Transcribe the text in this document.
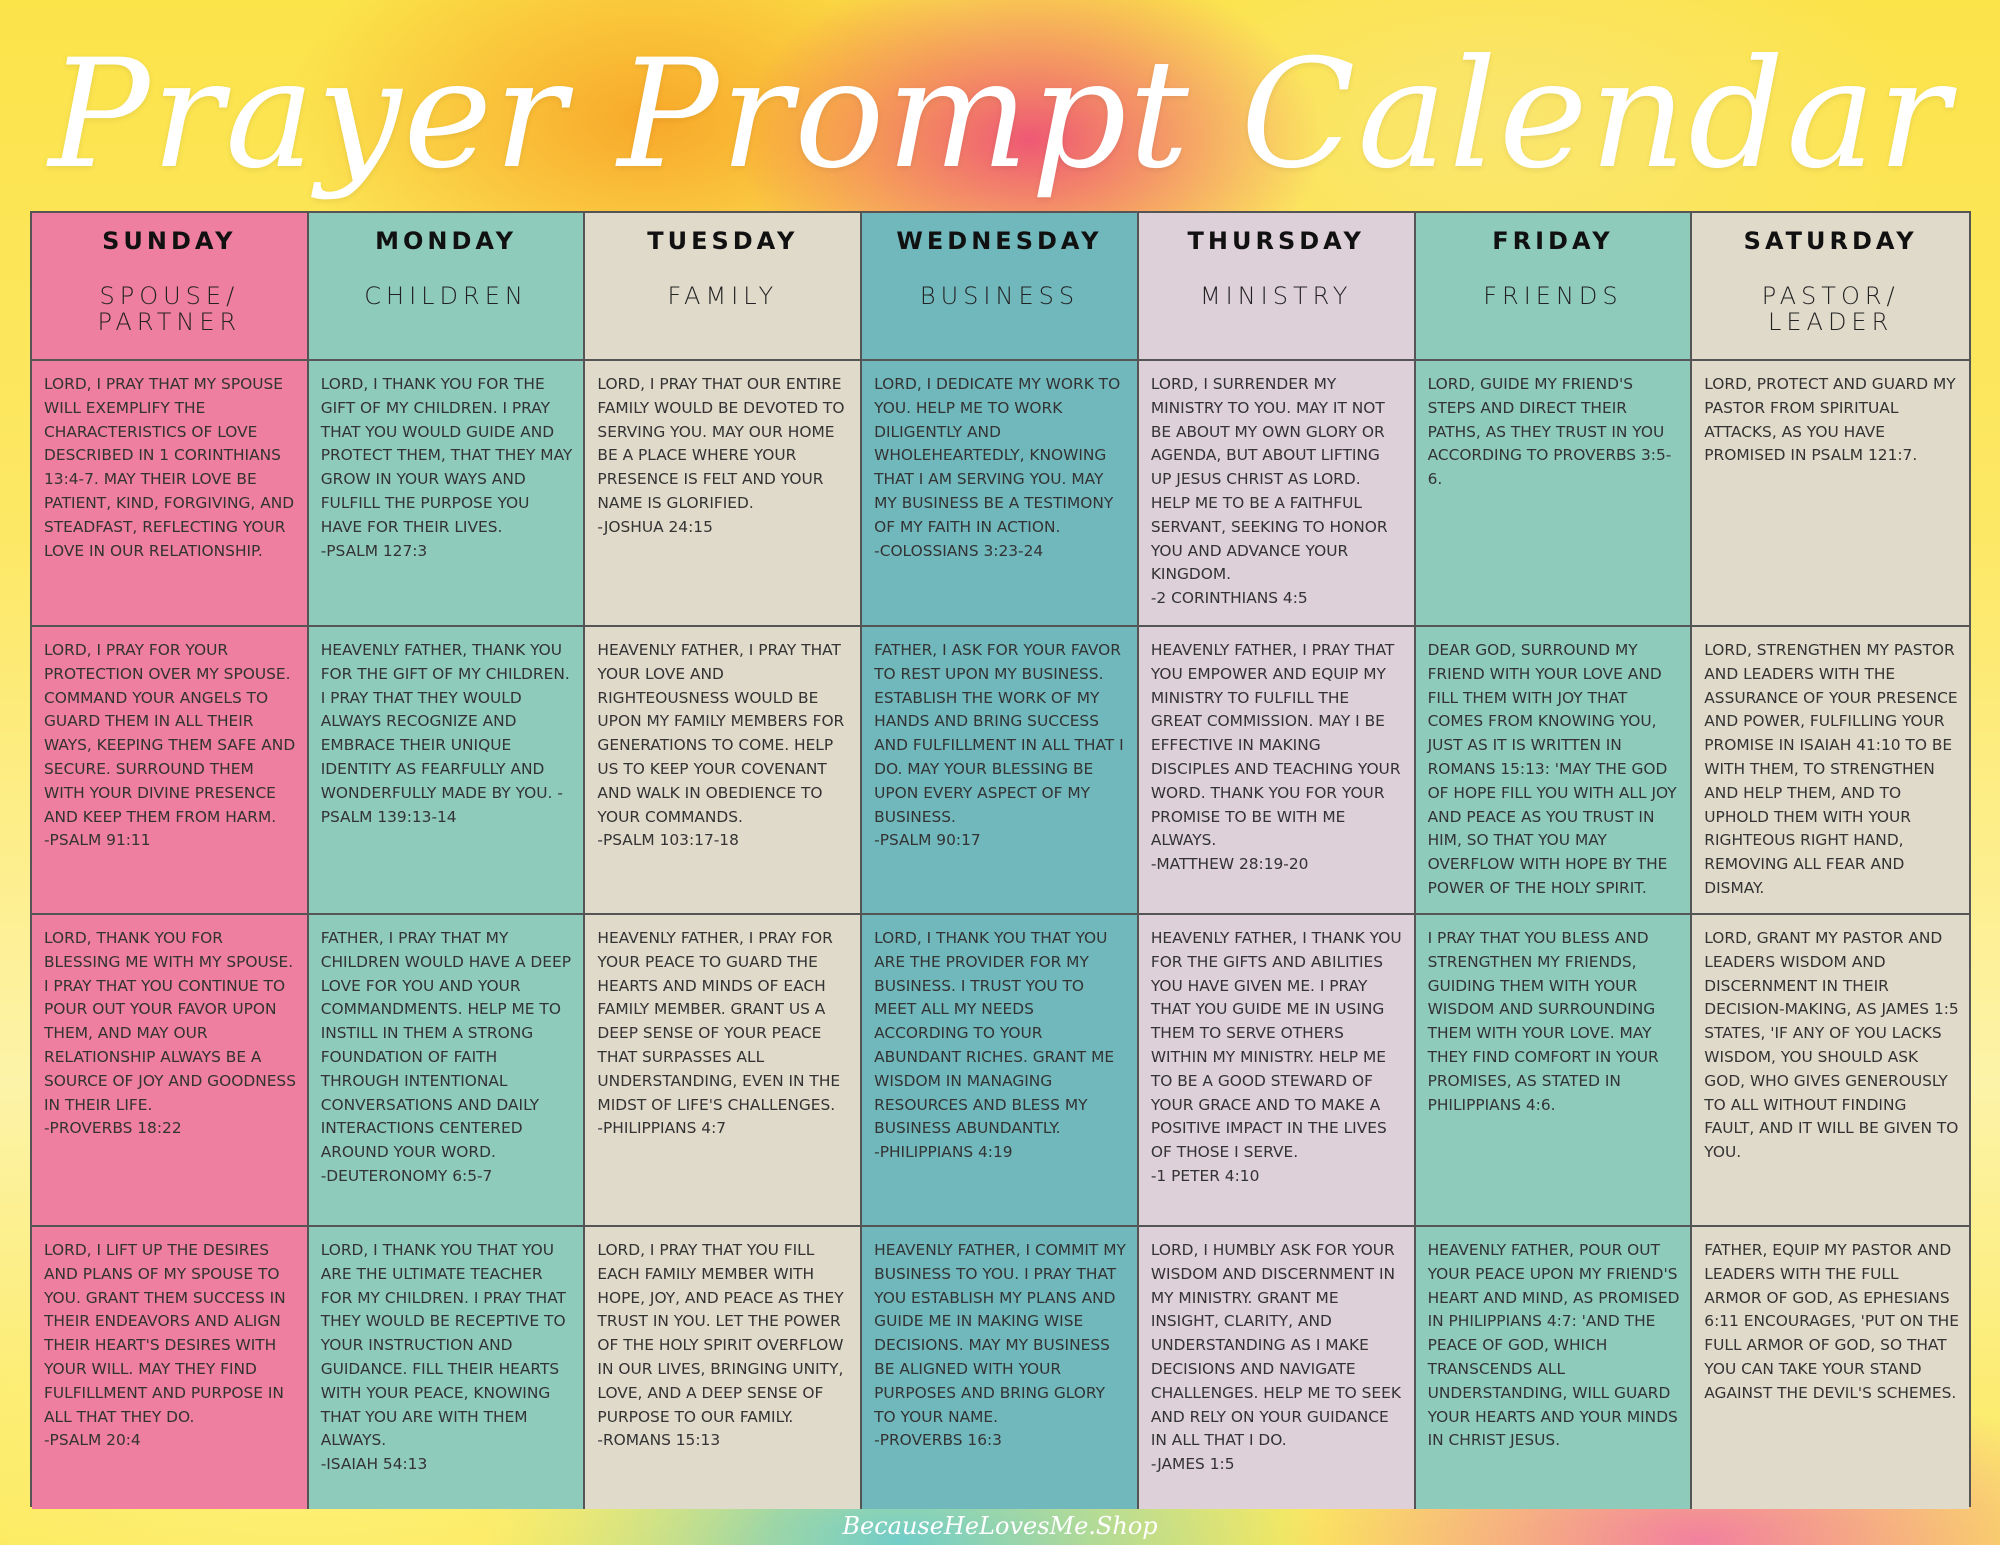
Prayer Prompt Calendar
SUNDAY
SPOUSE/
PARTNER
MONDAY
CHILDREN
TUESDAY
FAMILY
WEDNESDAY
BUSINESS
THURSDAY
MINISTRY
FRIDAY
FRIENDS
SATURDAY
PASTOR/
LEADER
LORD, I PRAY THAT MY SPOUSE WILL EXEMPLIFY THE CHARACTERISTICS OF LOVE DESCRIBED IN 1 CORINTHIANS 13:4-7. MAY THEIR LOVE BE PATIENT, KIND, FORGIVING, AND STEADFAST, REFLECTING YOUR LOVE IN OUR RELATIONSHIP.
LORD, I THANK YOU FOR THE GIFT OF MY CHILDREN. I PRAY THAT YOU WOULD GUIDE AND PROTECT THEM, THAT THEY MAY GROW IN YOUR WAYS AND FULFILL THE PURPOSE YOU HAVE FOR THEIR LIVES.
-PSALM 127:3
LORD, I PRAY THAT OUR ENTIRE FAMILY WOULD BE DEVOTED TO SERVING YOU. MAY OUR HOME BE A PLACE WHERE YOUR PRESENCE IS FELT AND YOUR NAME IS GLORIFIED.
-JOSHUA 24:15
LORD, I DEDICATE MY WORK TO YOU. HELP ME TO WORK DILIGENTLY AND WHOLEHEARTEDLY, KNOWING THAT I AM SERVING YOU. MAY MY BUSINESS BE A TESTIMONY OF MY FAITH IN ACTION.
-COLOSSIANS 3:23-24
LORD, I SURRENDER MY MINISTRY TO YOU. MAY IT NOT BE ABOUT MY OWN GLORY OR AGENDA, BUT ABOUT LIFTING UP JESUS CHRIST AS LORD. HELP ME TO BE A FAITHFUL SERVANT, SEEKING TO HONOR YOU AND ADVANCE YOUR KINGDOM.
-2 CORINTHIANS 4:5
LORD, GUIDE MY FRIEND'S STEPS AND DIRECT THEIR PATHS, AS THEY TRUST IN YOU ACCORDING TO PROVERBS 3:5-6.
LORD, PROTECT AND GUARD MY PASTOR FROM SPIRITUAL ATTACKS, AS YOU HAVE PROMISED IN PSALM 121:7.
LORD, I PRAY FOR YOUR PROTECTION OVER MY SPOUSE. COMMAND YOUR ANGELS TO GUARD THEM IN ALL THEIR WAYS, KEEPING THEM SAFE AND SECURE. SURROUND THEM WITH YOUR DIVINE PRESENCE AND KEEP THEM FROM HARM.
-PSALM 91:11
HEAVENLY FATHER, THANK YOU FOR THE GIFT OF MY CHILDREN. I PRAY THAT THEY WOULD ALWAYS RECOGNIZE AND EMBRACE THEIR UNIQUE IDENTITY AS FEARFULLY AND WONDERFULLY MADE BY YOU. -PSALM 139:13-14
HEAVENLY FATHER, I PRAY THAT YOUR LOVE AND RIGHTEOUSNESS WOULD BE UPON MY FAMILY MEMBERS FOR GENERATIONS TO COME. HELP US TO KEEP YOUR COVENANT AND WALK IN OBEDIENCE TO YOUR COMMANDS.
-PSALM 103:17-18
FATHER, I ASK FOR YOUR FAVOR TO REST UPON MY BUSINESS. ESTABLISH THE WORK OF MY HANDS AND BRING SUCCESS AND FULFILLMENT IN ALL THAT I DO. MAY YOUR BLESSING BE UPON EVERY ASPECT OF MY BUSINESS.
-PSALM 90:17
HEAVENLY FATHER, I PRAY THAT YOU EMPOWER AND EQUIP MY MINISTRY TO FULFILL THE GREAT COMMISSION. MAY I BE EFFECTIVE IN MAKING DISCIPLES AND TEACHING YOUR WORD. THANK YOU FOR YOUR PROMISE TO BE WITH ME ALWAYS.
-MATTHEW 28:19-20
DEAR GOD, SURROUND MY FRIEND WITH YOUR LOVE AND FILL THEM WITH JOY THAT COMES FROM KNOWING YOU, JUST AS IT IS WRITTEN IN ROMANS 15:13: 'MAY THE GOD OF HOPE FILL YOU WITH ALL JOY AND PEACE AS YOU TRUST IN HIM, SO THAT YOU MAY OVERFLOW WITH HOPE BY THE POWER OF THE HOLY SPIRIT.
LORD, STRENGTHEN MY PASTOR AND LEADERS WITH THE ASSURANCE OF YOUR PRESENCE AND POWER, FULFILLING YOUR PROMISE IN ISAIAH 41:10 TO BE WITH THEM, TO STRENGTHEN AND HELP THEM, AND TO UPHOLD THEM WITH YOUR RIGHTEOUS RIGHT HAND, REMOVING ALL FEAR AND DISMAY.
LORD, THANK YOU FOR BLESSING ME WITH MY SPOUSE. I PRAY THAT YOU CONTINUE TO POUR OUT YOUR FAVOR UPON THEM, AND MAY OUR RELATIONSHIP ALWAYS BE A SOURCE OF JOY AND GOODNESS IN THEIR LIFE.
-PROVERBS 18:22
FATHER, I PRAY THAT MY CHILDREN WOULD HAVE A DEEP LOVE FOR YOU AND YOUR COMMANDMENTS. HELP ME TO INSTILL IN THEM A STRONG FOUNDATION OF FAITH THROUGH INTENTIONAL CONVERSATIONS AND DAILY INTERACTIONS CENTERED AROUND YOUR WORD.
-DEUTERONOMY 6:5-7
HEAVENLY FATHER, I PRAY FOR YOUR PEACE TO GUARD THE HEARTS AND MINDS OF EACH FAMILY MEMBER. GRANT US A DEEP SENSE OF YOUR PEACE THAT SURPASSES ALL UNDERSTANDING, EVEN IN THE MIDST OF LIFE'S CHALLENGES.
-PHILIPPIANS 4:7
LORD, I THANK YOU THAT YOU ARE THE PROVIDER FOR MY BUSINESS. I TRUST YOU TO MEET ALL MY NEEDS ACCORDING TO YOUR ABUNDANT RICHES. GRANT ME WISDOM IN MANAGING RESOURCES AND BLESS MY BUSINESS ABUNDANTLY.
-PHILIPPIANS 4:19
HEAVENLY FATHER, I THANK YOU FOR THE GIFTS AND ABILITIES YOU HAVE GIVEN ME. I PRAY THAT YOU GUIDE ME IN USING THEM TO SERVE OTHERS WITHIN MY MINISTRY. HELP ME TO BE A GOOD STEWARD OF YOUR GRACE AND TO MAKE A POSITIVE IMPACT IN THE LIVES OF THOSE I SERVE.
-1 PETER 4:10
I PRAY THAT YOU BLESS AND STRENGTHEN MY FRIENDS, GUIDING THEM WITH YOUR WISDOM AND SURROUNDING THEM WITH YOUR LOVE. MAY THEY FIND COMFORT IN YOUR PROMISES, AS STATED IN PHILIPPIANS 4:6.
LORD, GRANT MY PASTOR AND LEADERS WISDOM AND DISCERNMENT IN THEIR DECISION-MAKING, AS JAMES 1:5 STATES, 'IF ANY OF YOU LACKS WISDOM, YOU SHOULD ASK GOD, WHO GIVES GENEROUSLY TO ALL WITHOUT FINDING FAULT, AND IT WILL BE GIVEN TO YOU.
LORD, I LIFT UP THE DESIRES AND PLANS OF MY SPOUSE TO YOU. GRANT THEM SUCCESS IN THEIR ENDEAVORS AND ALIGN THEIR HEART'S DESIRES WITH YOUR WILL. MAY THEY FIND FULFILLMENT AND PURPOSE IN ALL THAT THEY DO.
-PSALM 20:4
LORD, I THANK YOU THAT YOU ARE THE ULTIMATE TEACHER FOR MY CHILDREN. I PRAY THAT THEY WOULD BE RECEPTIVE TO YOUR INSTRUCTION AND GUIDANCE. FILL THEIR HEARTS WITH YOUR PEACE, KNOWING THAT YOU ARE WITH THEM ALWAYS.
-ISAIAH 54:13
LORD, I PRAY THAT YOU FILL EACH FAMILY MEMBER WITH HOPE, JOY, AND PEACE AS THEY TRUST IN YOU. LET THE POWER OF THE HOLY SPIRIT OVERFLOW IN OUR LIVES, BRINGING UNITY, LOVE, AND A DEEP SENSE OF PURPOSE TO OUR FAMILY.
-ROMANS 15:13
HEAVENLY FATHER, I COMMIT MY BUSINESS TO YOU. I PRAY THAT YOU ESTABLISH MY PLANS AND GUIDE ME IN MAKING WISE DECISIONS. MAY MY BUSINESS BE ALIGNED WITH YOUR PURPOSES AND BRING GLORY TO YOUR NAME.
-PROVERBS 16:3
LORD, I HUMBLY ASK FOR YOUR WISDOM AND DISCERNMENT IN MY MINISTRY. GRANT ME INSIGHT, CLARITY, AND UNDERSTANDING AS I MAKE DECISIONS AND NAVIGATE CHALLENGES. HELP ME TO SEEK AND RELY ON YOUR GUIDANCE IN ALL THAT I DO.
-JAMES 1:5
HEAVENLY FATHER, POUR OUT YOUR PEACE UPON MY FRIEND'S HEART AND MIND, AS PROMISED IN PHILIPPIANS 4:7: 'AND THE PEACE OF GOD, WHICH TRANSCENDS ALL UNDERSTANDING, WILL GUARD YOUR HEARTS AND YOUR MINDS IN CHRIST JESUS.
FATHER, EQUIP MY PASTOR AND LEADERS WITH THE FULL ARMOR OF GOD, AS EPHESIANS 6:11 ENCOURAGES, 'PUT ON THE FULL ARMOR OF GOD, SO THAT YOU CAN TAKE YOUR STAND AGAINST THE DEVIL'S SCHEMES.
BecauseHeLovesMe.Shop
